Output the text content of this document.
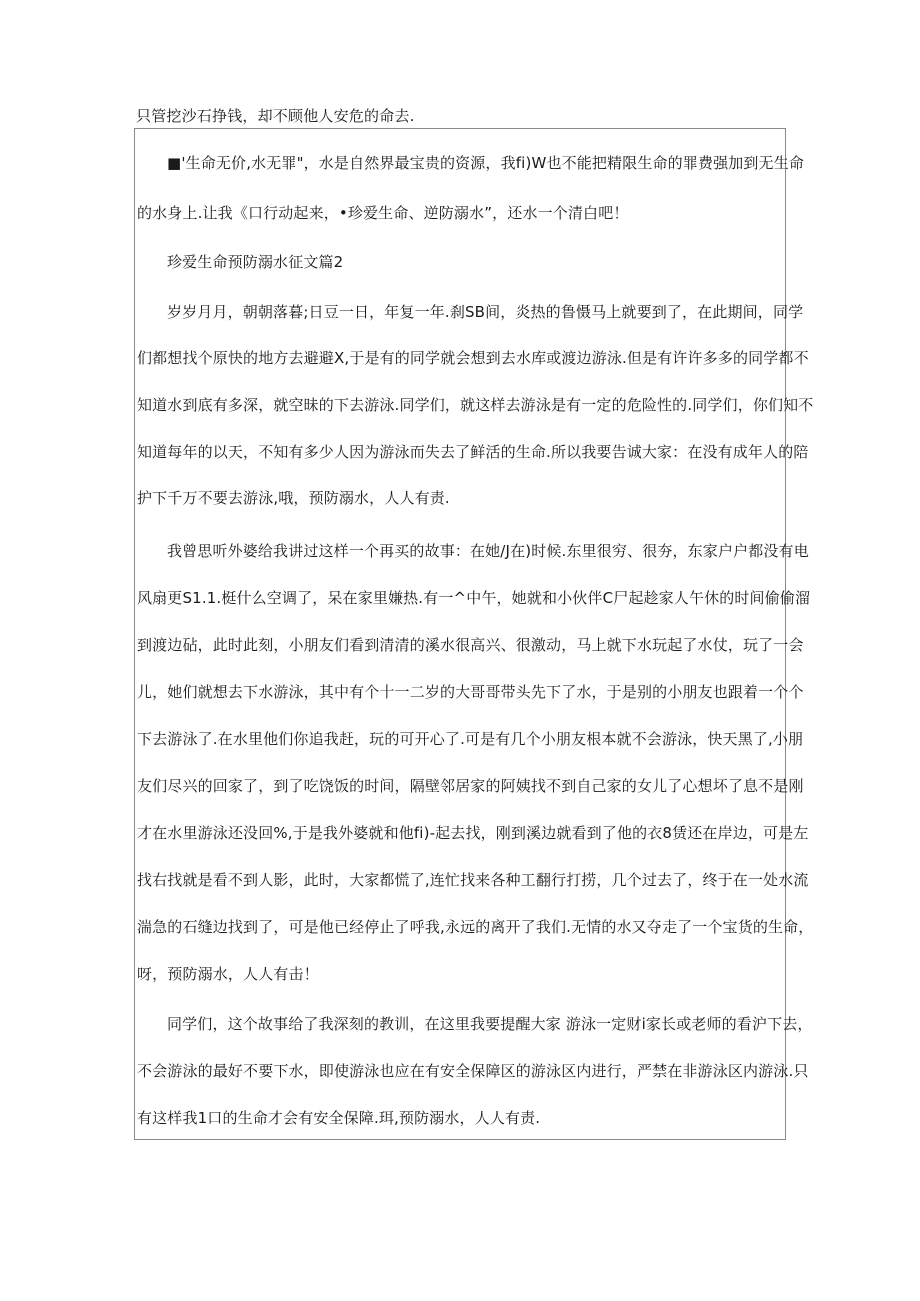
只管挖沙石挣钱，却不顾他人安危的命去.
■'生命无价,水无罪"，水是自然界最宝贵的资源，我fi)W也不能把精限生命的罪费强加到无生命
的水身上.让我《口行动起来，•珍爱生命、逆防溺水”，还水一个清白吧！
珍爱生命预防溺水征文篇2
岁岁月月，朝朝落暮;日豆一日，年复一年.刹SB间，炎热的鲁慑马上就要到了，在此期间，同学
们都想找个原快的地方去避避X,于是有的同学就会想到去水库或渡边游泳.但是有许许多多的同学都不
知道水到底有多深，就空昧的下去游泳.同学们，就这样去游泳是有一定的危险性的.同学们，你们知不
知道每年的以天，不知有多少人因为游泳而失去了鲜活的生命.所以我要告诚大家：在没有成年人的陪
护下千万不要去游泳,哦，预防溺水，人人有责.
我曾思听外婆给我讲过这样一个再买的故事：在她/J在)时候.东里很穷、很夯，东家户户都没有电
风扇更S1.1.梃什么空调了，呆在家里嫌热.有一^中午，她就和小伙伴C尸起趁家人午休的时间偷偷溜
到渡边砧，此时此刻，小朋友们看到清清的溪水很高兴、很激动，马上就下水玩起了水仗，玩了一会
儿，她们就想去下水游泳，其中有个十一二岁的大哥哥带头先下了水，于是别的小朋友也跟着一个个
下去游泳了.在水里他们你追我赶，玩的可开心了.可是有几个小朋友根本就不会游泳，快天黑了,小朋
友们尽兴的回家了，到了吃饶饭的时间，隔壁邻居家的阿姨找不到自己家的女儿了心想坏了息不是刚
才在水里游泳还没回%,于是我外婆就和他fi)-起去找，刚到溪边就看到了他的衣8赁还在岸边，可是左
找右找就是看不到人影，此时，大家都慌了,连忙找来各种工翻行打捞，几个过去了，终于在一处水流
湍急的石缝边找到了，可是他已经停止了呼我,永远的离开了我们.无情的水又夺走了一个宝货的生命，
呀，预防溺水，人人有击！
同学们，这个故事给了我深刻的教训，在这里我要提醒大家 游泳一定财i家长或老师的看沪下去，
不会游泳的最好不要下水，即使游泳也应在有安全保障区的游泳区内进行，严禁在非游泳区内游泳.只
有这样我1口的生命才会有安全保障.珥,预防溺水，人人有责.
